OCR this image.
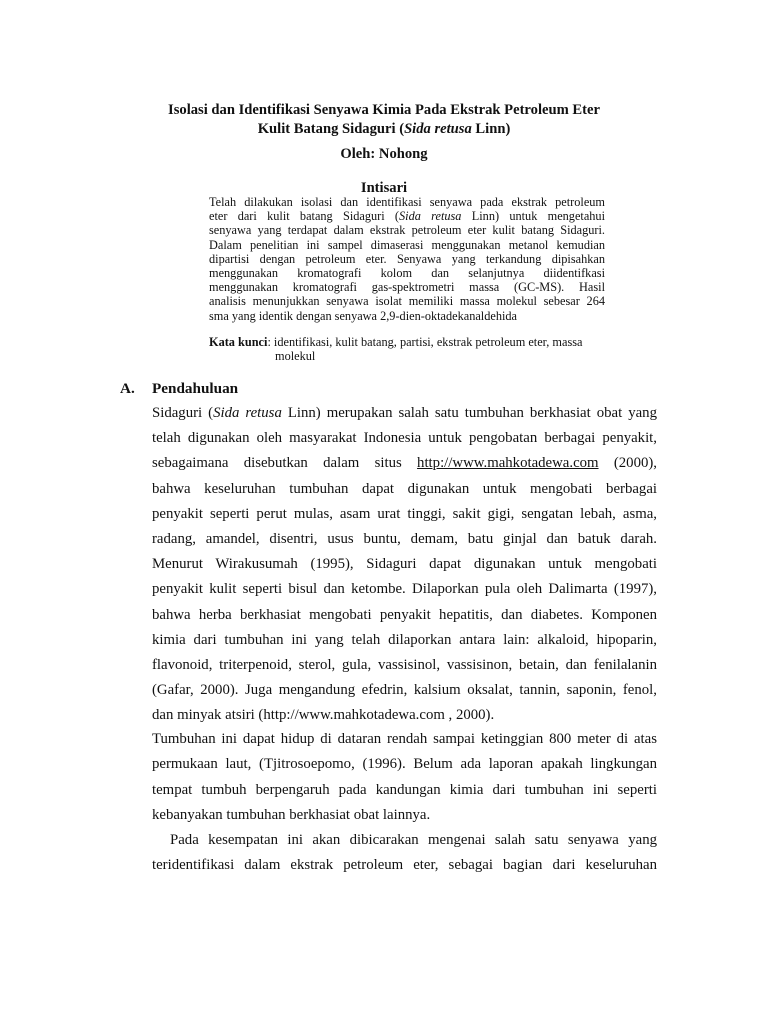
Isolasi dan Identifikasi Senyawa Kimia Pada Ekstrak Petroleum Eter
Kulit Batang Sidaguri (Sida retusa Linn)
Oleh: Nohong
Intisari
Telah dilakukan isolasi dan identifikasi senyawa pada ekstrak petroleum
eter dari kulit batang Sidaguri (Sida retusa Linn) untuk mengetahui
senyawa yang terdapat dalam ekstrak petroleum eter kulit batang Sidaguri.
Dalam penelitian ini sampel dimaserasi menggunakan metanol kemudian
dipartisi dengan petroleum eter. Senyawa yang terkandung dipisahkan
menggunakan kromatografi kolom dan selanjutnya diidentifkasi
menggunakan kromatografi gas-spektrometri massa (GC-MS). Hasil
analisis menunjukkan senyawa isolat memiliki massa molekul sebesar 264
sma yang identik dengan senyawa 2,9-dien-oktadekanaldehida
Kata kunci: identifikasi, kulit batang, partisi, ekstrak petroleum eter, massa
molekul
A. Pendahuluan
Sidaguri (Sida retusa Linn) merupakan salah satu tumbuhan berkhasiat obat yang
telah digunakan oleh masyarakat Indonesia untuk pengobatan berbagai penyakit,
sebagaimana disebutkan dalam situs http://www.mahkotadewa.com (2000),
bahwa keseluruhan tumbuhan dapat digunakan untuk mengobati berbagai
penyakit seperti perut mulas, asam urat tinggi, sakit gigi, sengatan lebah, asma,
radang, amandel, disentri, usus buntu, demam, batu ginjal dan batuk darah.
Menurut Wirakusumah (1995), Sidaguri dapat digunakan untuk mengobati
penyakit kulit seperti bisul dan ketombe. Dilaporkan pula oleh Dalimarta (1997),
bahwa herba berkhasiat mengobati penyakit hepatitis, dan diabetes. Komponen
kimia dari tumbuhan ini yang telah dilaporkan antara lain: alkaloid, hipoparin,
flavonoid, triterpenoid, sterol, gula, vassisinol, vassisinon, betain, dan fenilalanin
(Gafar, 2000). Juga mengandung efedrin, kalsium oksalat, tannin, saponin, fenol,
dan minyak atsiri (http://www.mahkotadewa.com , 2000).
Tumbuhan ini dapat hidup di dataran rendah sampai ketinggian 800 meter di atas
permukaan laut, (Tjitrosoepomo, (1996). Belum ada laporan apakah lingkungan
tempat tumbuh berpengaruh pada kandungan kimia dari tumbuhan ini seperti
kebanyakan tumbuhan berkhasiat obat lainnya.
Pada kesempatan ini akan dibicarakan mengenai salah satu senyawa yang
teridentifikasi dalam ekstrak petroleum eter, sebagai bagian dari keseluruhan
